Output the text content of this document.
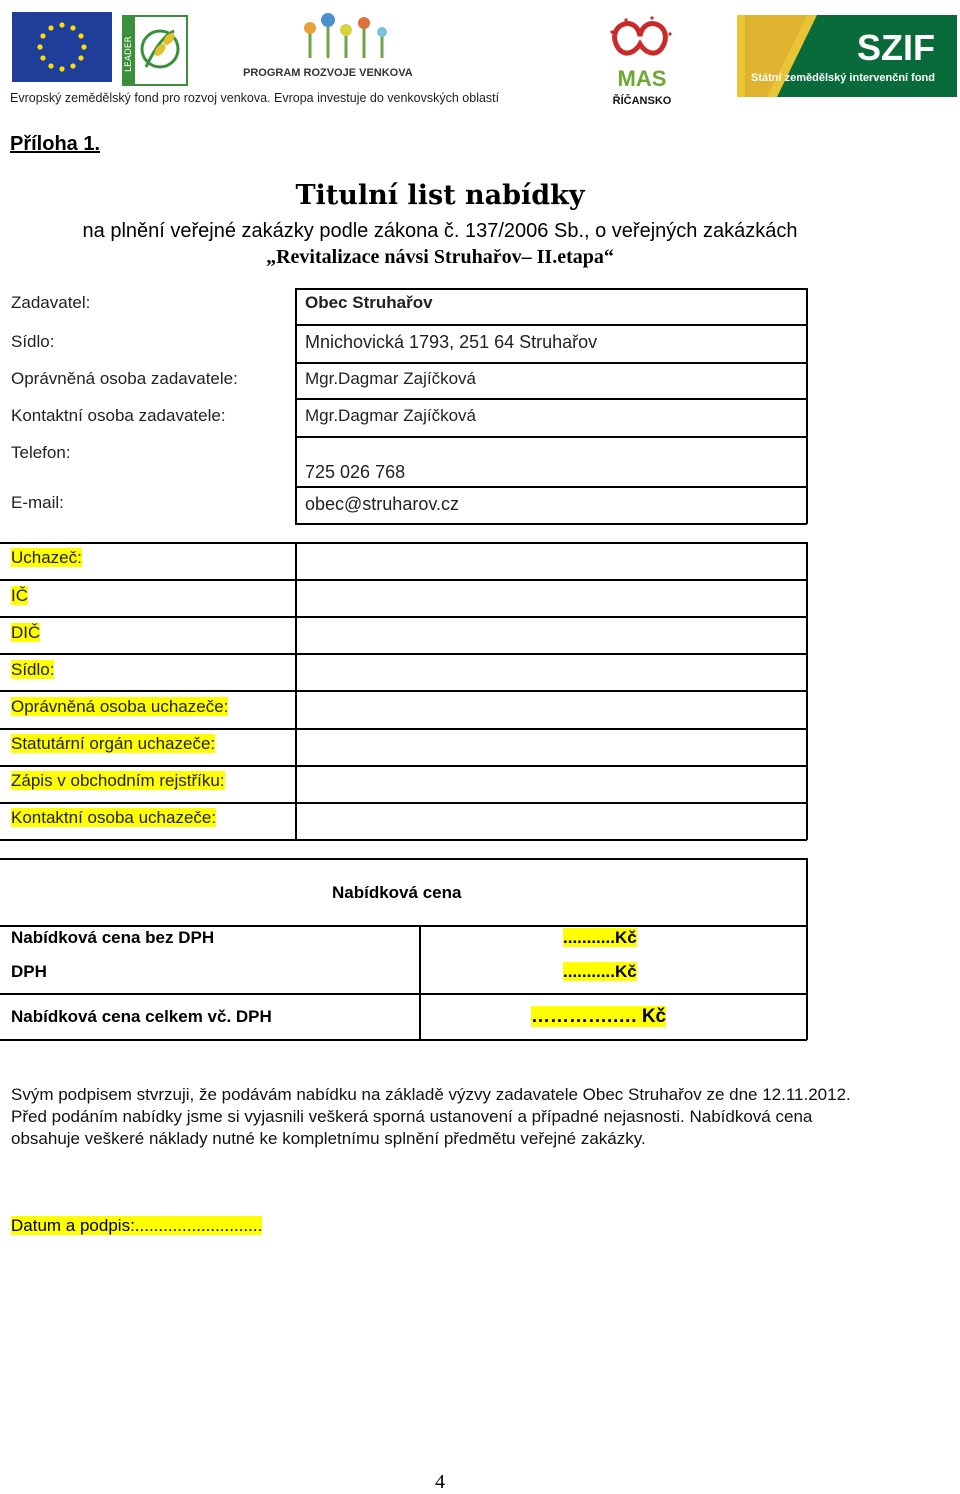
LEADER
PROGRAM ROZVOJE VENKOVA	MAS
ŘÍČANSKO
SZIF
Státní zemědělský intervenční fond
Evropský zemědělský fond pro rozvoj venkova. Evropa investuje do venkovských oblastí
Příloha 1.
Titulní list nabídky
na plnění veřejné zakázky podle zákona č. 137/2006 Sb., o veřejných zakázkách
„Revitalizace návsi Struhařov– II.etapa“
Zadavatel:
Sídlo:
Oprávněná osoba zadavatele:
Kontaktní osoba zadavatele:
Telefon:
E-mail:
Obec Struhařov
Mnichovická 1793, 251 64 Struhařov
Mgr.Dagmar Zajíčková
Mgr.Dagmar Zajíčková
725 026 768
obec@struharov.cz
Uchazeč:
IČ
DIČ
Sídlo:
Oprávněná osoba uchazeče:
Statutární orgán uchazeče:
Zápis v obchodním rejstříku:
Kontaktní osoba uchazeče:
Nabídková cena
Nabídková cena bez DPH
DPH
Nabídková cena celkem vč. DPH
...........Kč
...........Kč
………….…. Kč
Svým podpisem stvrzuji, že podávám nabídku na základě výzvy zadavatele Obec Struhařov ze dne 12.11.2012. Před podáním nabídky jsme si vyjasnili veškerá sporná ustanovení a případné nejasnosti. Nabídková cena obsahuje veškeré náklady nutné ke kompletnímu splnění předmětu veřejné zakázky.
Datum a podpis:...........................
4
